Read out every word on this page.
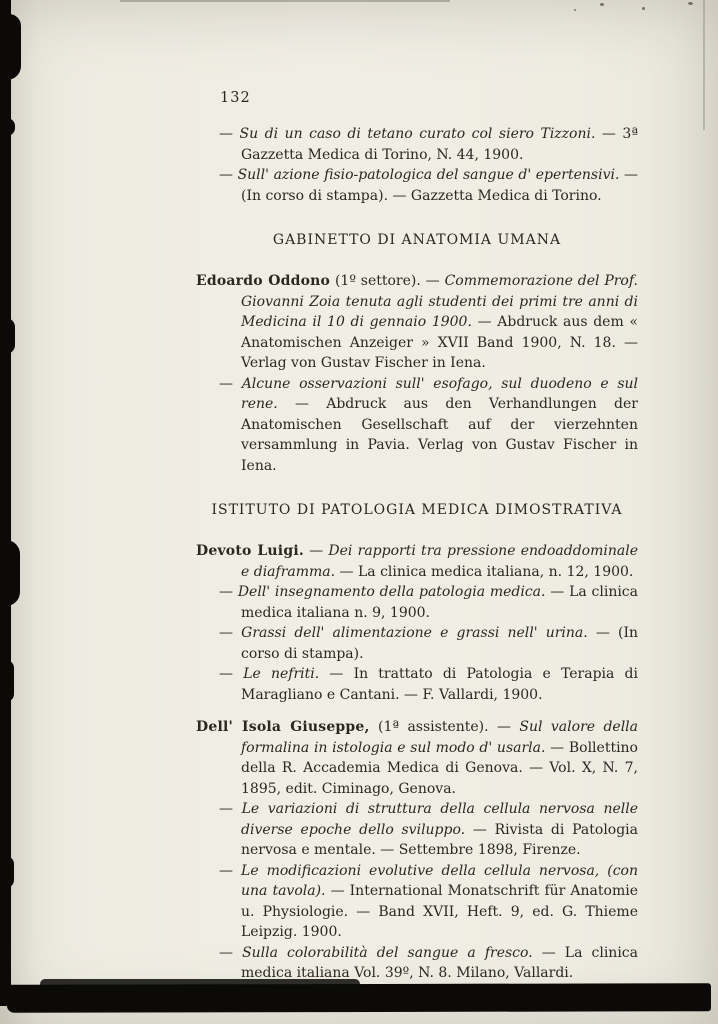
132

— Su di un caso di tetano curato col siero Tizzoni. — 3ª Gazzetta Medica di Torino, N. 44, 1900.

— Sull' azione fisio-patologica del sangue d' epertensivi. — (In corso di stampa). — Gazzetta Medica di Torino.

GABINETTO DI ANATOMIA UMANA

Edoardo Oddono (1º settore). — Commemorazione del Prof. Giovanni Zoia tenuta agli studenti dei primi tre anni di Medicina il 10 di gennaio 1900. — Abdruck aus dem « Anatomischen Anzeiger » XVII Band 1900, N. 18. — Verlag von Gustav Fischer in Iena.

— Alcune osservazioni sull' esofago, sul duodeno e sul rene. — Abdruck aus den Verhandlungen der Anatomischen Gesellschaft auf der vierzehnten versammlung in Pavia. Verlag von Gustav Fischer in Iena.

ISTITUTO DI PATOLOGIA MEDICA DIMOSTRATIVA

Devoto Luigi. — Dei rapporti tra pressione endoaddominale e diaframma. — La clinica medica italiana, n. 12, 1900.

— Dell' insegnamento della patologia medica. — La clinica medica italiana n. 9, 1900.

— Grassi dell' alimentazione e grassi nell' urina. — (In corso di stampa).

— Le nefriti. — In trattato di Patologia e Terapia di Maragliano e Cantani. — F. Vallardi, 1900.

Dell' Isola Giuseppe, (1ª assistente). — Sul valore della formalina in istologia e sul modo d' usarla. — Bollettino della R. Accademia Medica di Genova. — Vol. X, N. 7, 1895, edit. Ciminago, Genova.

— Le variazioni di struttura della cellula nervosa nelle diverse epoche dello sviluppo. — Rivista di Patologia nervosa e mentale. — Settembre 1898, Firenze.

— Le modificazioni evolutive della cellula nervosa, (con una tavola). — International Monatschrift für Anatomie u. Physiologie. — Band XVII, Heft. 9, ed. G. Thieme Leipzig. 1900.

— Sulla colorabilità del sangue a fresco. — La clinica medica italiana Vol. 39º, N. 8. Milano, Vallardi.
